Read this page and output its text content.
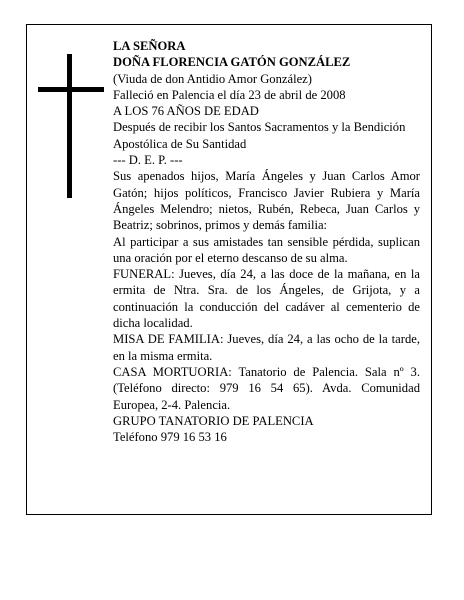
LA SEÑORA

DOÑA FLORENCIA GATÓN GONZÁLEZ

(Viuda de don Antidio Amor González)

Falleció en Palencia el día 23 de abril de 2008

A LOS 76 AÑOS DE EDAD

Después de recibir los Santos Sacramentos y la Bendición Apostólica de Su Santidad

--- D. E. P. ---

Sus apenados hijos, María Ángeles y Juan Carlos Amor Gatón; hijos políticos, Francisco Javier Rubiera y María Ángeles Melendro; nietos, Rubén, Rebeca, Juan Carlos y Beatriz; sobrinos, primos y demás familia:

Al participar a sus amistades tan sensible pérdida, suplican una oración por el eterno descanso de su alma.

FUNERAL: Jueves, día 24, a las doce de la mañana, en la ermita de Ntra. Sra. de los Ángeles, de Grijota, y a continuación la conducción del cadáver al cementerio de dicha localidad.

MISA DE FAMILIA: Jueves, día 24, a las ocho de la tarde, en la misma ermita.

CASA MORTUORIA: Tanatorio de Palencia. Sala nº 3. (Teléfono directo: 979 16 54 65). Avda. Comunidad Europea, 2-4. Palencia.

GRUPO TANATORIO DE PALENCIA

Teléfono 979 16 53 16
